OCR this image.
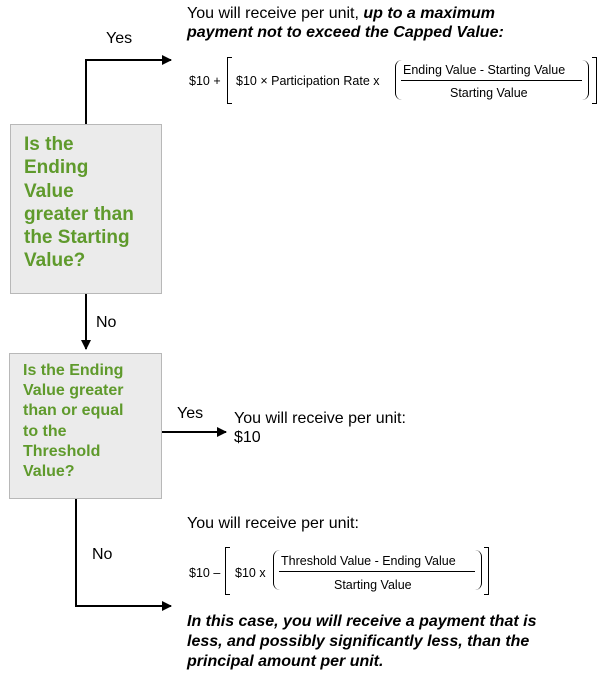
Is the
Ending
Value
greater than
the Starting
Value?
Is the Ending
Value greater
than or equal
to the
Threshold
Value?
Yes
No
Yes
No
You will receive per unit, up to a maximum
payment not to exceed the Capped Value:
$10 + $10 × Participation Rate x
Ending Value - Starting Value
Starting Value
You will receive per unit:
$10
You will receive per unit:
$10 – $10 x
Threshold Value - Ending Value
Starting Value
In this case, you will receive a payment that is
less, and possibly significantly less, than the
principal amount per unit.
